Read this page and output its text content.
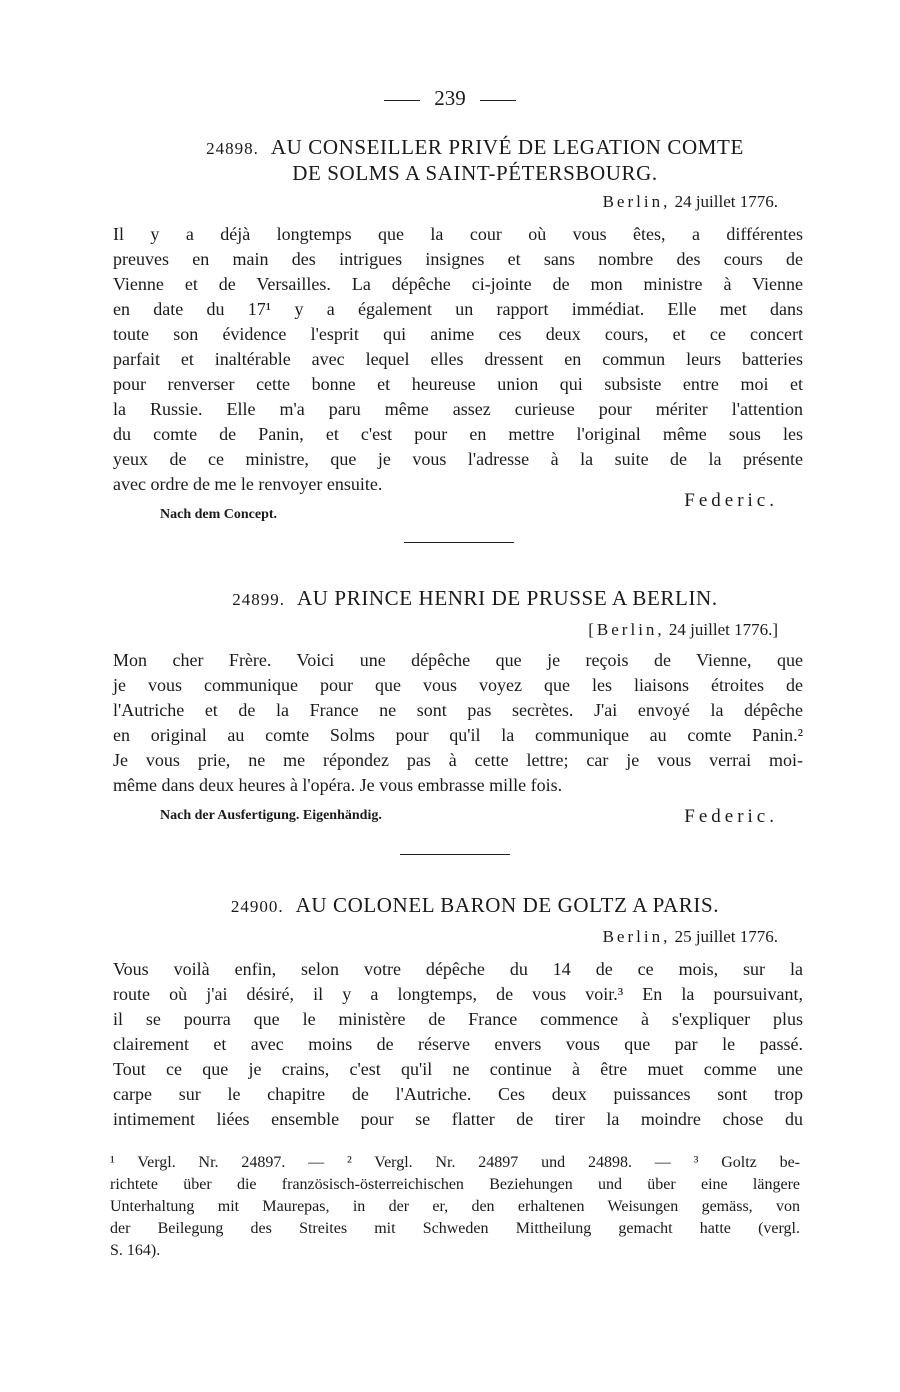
239
24898. AU CONSEILLER PRIVÉ DE LEGATION COMTE
DE SOLMS A SAINT-PÉTERSBOURG.
Berlin, 24 juillet 1776.
Il y a déjà longtemps que la cour où vous êtes, a différentes
preuves en main des intrigues insignes et sans nombre des cours de
Vienne et de Versailles. La dépêche ci-jointe de mon ministre à Vienne
en date du 17¹ y a également un rapport immédiat. Elle met dans
toute son évidence l'esprit qui anime ces deux cours, et ce concert
parfait et inaltérable avec lequel elles dressent en commun leurs batteries
pour renverser cette bonne et heureuse union qui subsiste entre moi et
la Russie. Elle m'a paru même assez curieuse pour mériter l'attention
du comte de Panin, et c'est pour en mettre l'original même sous les
yeux de ce ministre, que je vous l'adresse à la suite de la présente
avec ordre de me le renvoyer ensuite.
Federic.
Nach dem Concept.
24899. AU PRINCE HENRI DE PRUSSE A BERLIN.
[Berlin, 24 juillet 1776.]
Mon cher Frère. Voici une dépêche que je reçois de Vienne, que
je vous communique pour que vous voyez que les liaisons étroites de
l'Autriche et de la France ne sont pas secrètes. J'ai envoyé la dépêche
en original au comte Solms pour qu'il la communique au comte Panin.²
Je vous prie, ne me répondez pas à cette lettre; car je vous verrai moi-
même dans deux heures à l'opéra. Je vous embrasse mille fois.
Nach der Ausfertigung. Eigenhändig.	Federic.
24900. AU COLONEL BARON DE GOLTZ A PARIS.
Berlin, 25 juillet 1776.
Vous voilà enfin, selon votre dépêche du 14 de ce mois, sur la
route où j'ai désiré, il y a longtemps, de vous voir.³ En la poursuivant,
il se pourra que le ministère de France commence à s'expliquer plus
clairement et avec moins de réserve envers vous que par le passé.
Tout ce que je crains, c'est qu'il ne continue à être muet comme une
carpe sur le chapitre de l'Autriche. Ces deux puissances sont trop
intimement liées ensemble pour se flatter de tirer la moindre chose du
¹ Vergl. Nr. 24897. — ² Vergl. Nr. 24897 und 24898. — ³ Goltz be-
richtete über die französisch-österreichischen Beziehungen und über eine längere
Unterhaltung mit Maurepas, in der er, den erhaltenen Weisungen gemäss, von
der Beilegung des Streites mit Schweden Mittheilung gemacht hatte (vergl.
S. 164).
